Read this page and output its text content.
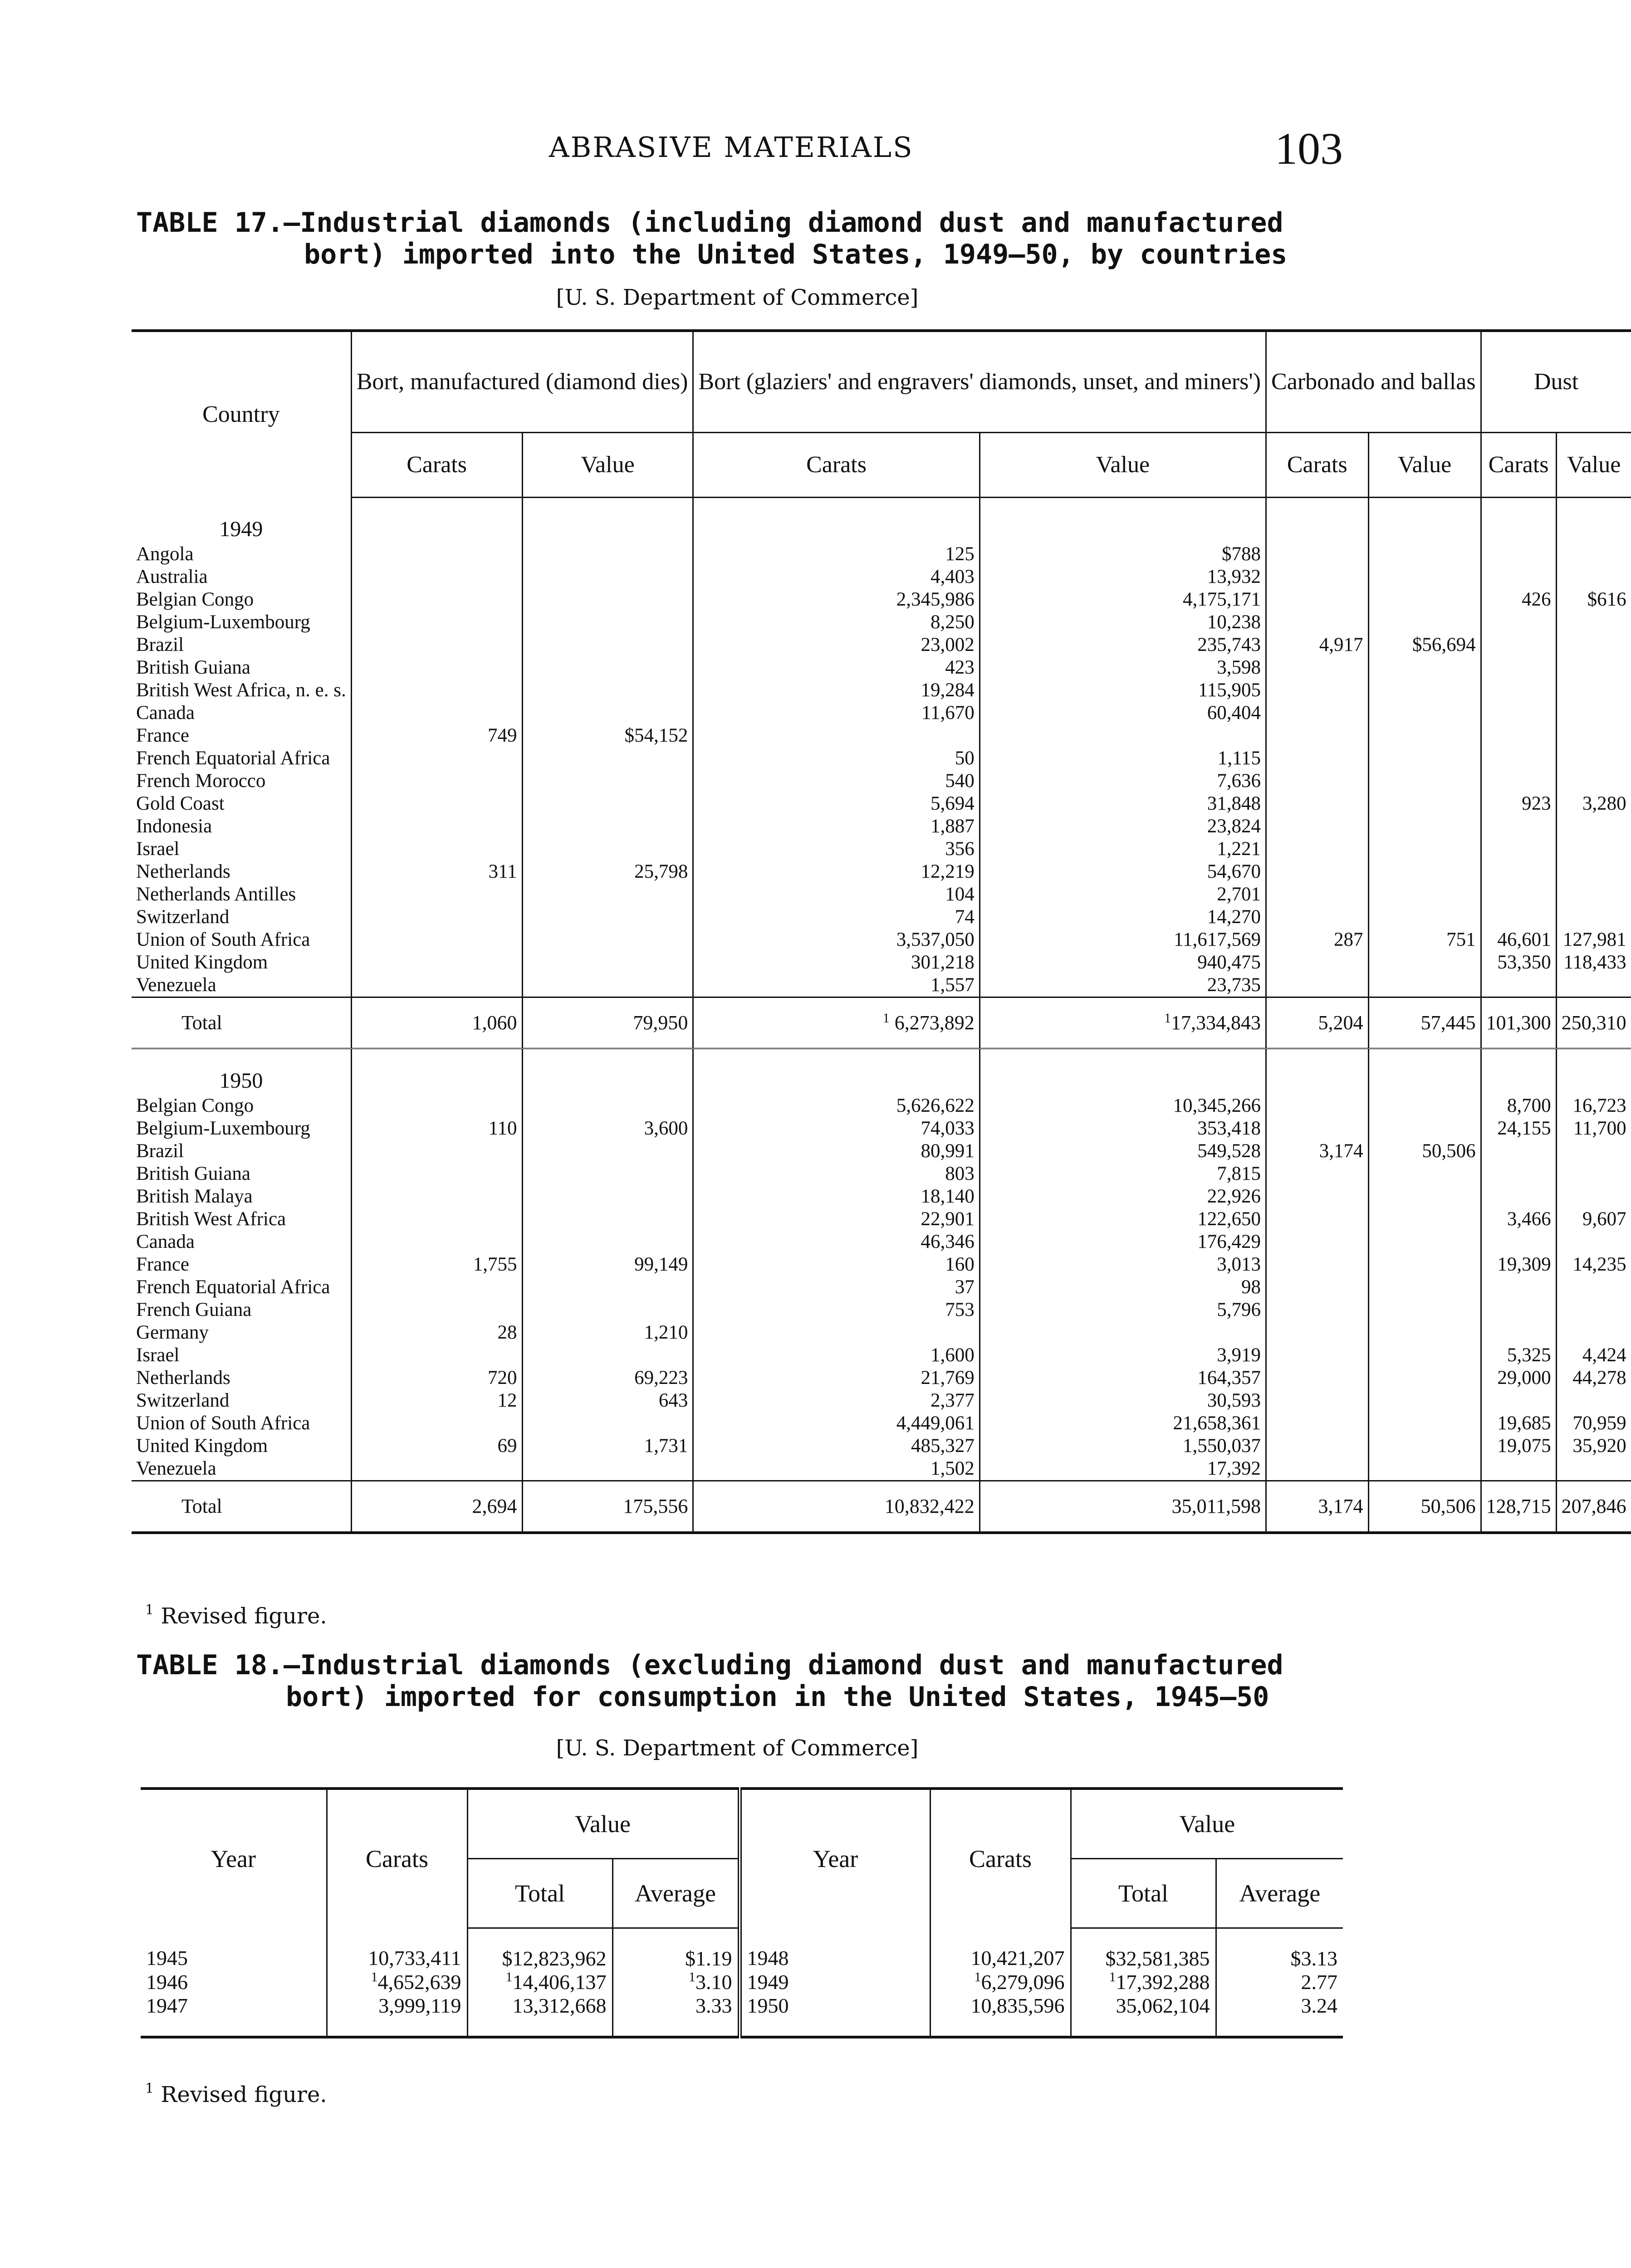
ABRASIVE MATERIALS	103
TABLE 17.—Industrial diamonds (including diamond dust and manufactured
bort) imported into the United States, 1949–50, by countries
[U. S. Department of Commerce]
Country	Bort, manufactured (diamond dies)		Bort (glaziers' and engravers' diamonds, unset, and miners')		Carbonado and ballas		Dust	
	Carats	Value	Carats	Value	Carats	Value	Carats	Value
1949								
Angola			125	$788				
Australia			4,403	13,932				
Belgian Congo			2,345,986	4,175,171			426	$616
Belgium-Luxembourg			8,250	10,238				
Brazil			23,002	235,743	4,917	$56,694		
British Guiana			423	3,598				
British West Africa, n. e. s.			19,284	115,905				
Canada			11,670	60,404				
France	749	$54,152						
French Equatorial Africa			50	1,115				
French Morocco			540	7,636				
Gold Coast			5,694	31,848			923	3,280
Indonesia			1,887	23,824				
Israel			356	1,221				
Netherlands	311	25,798	12,219	54,670				
Netherlands Antilles			104	2,701				
Switzerland			74	14,270				
Union of South Africa			3,537,050	11,617,569	287	751	46,601	127,981
United Kingdom			301,218	940,475			53,350	118,433
Venezuela			1,557	23,735				
Total	1,060	79,950	$^1$ 6,273,892	$^1$17,334,843	5,204	57,445	101,300	250,310
1950								
Belgian Congo			5,626,622	10,345,266			8,700	16,723
Belgium-Luxembourg	110	3,600	74,033	353,418			24,155	11,700
Brazil			80,991	549,528	3,174	50,506		
British Guiana			803	7,815				
British Malaya			18,140	22,926				
British West Africa			22,901	122,650			3,466	9,607
Canada			46,346	176,429				
France	1,755	99,149	160	3,013			19,309	14,235
French Equatorial Africa			37	98				
French Guiana			753	5,796				
Germany	28	1,210						
Israel			1,600	3,919			5,325	4,424
Netherlands	720	69,223	21,769	164,357			29,000	44,278
Switzerland	12	643	2,377	30,593				
Union of South Africa			4,449,061	21,658,361			19,685	70,959
United Kingdom	69	1,731	485,327	1,550,037			19,075	35,920
Venezuela			1,502	17,392				
Total	2,694	175,556	10,832,422	35,011,598	3,174	50,506	128,715	207,846
$^1$ Revised figure.
TABLE 18.—Industrial diamonds (excluding diamond dust and manufactured
bort) imported for consumption in the United States, 1945–50
[U. S. Department of Commerce]
Year	Carats	Value		Year	Carats	Value	
		Total	Average			Total	Average
1945	10,733,411	$12,823,962	$1.19	1948	10,421,207	$32,581,385	$3.13
1946	$^1$4,652,639	$^1$14,406,137	$^1$3.10	1949	$^1$6,279,096	$^1$17,392,288	2.77
1947	3,999,119	13,312,668	3.33	1950	10,835,596	35,062,104	3.24
$^1$ Revised figure.
